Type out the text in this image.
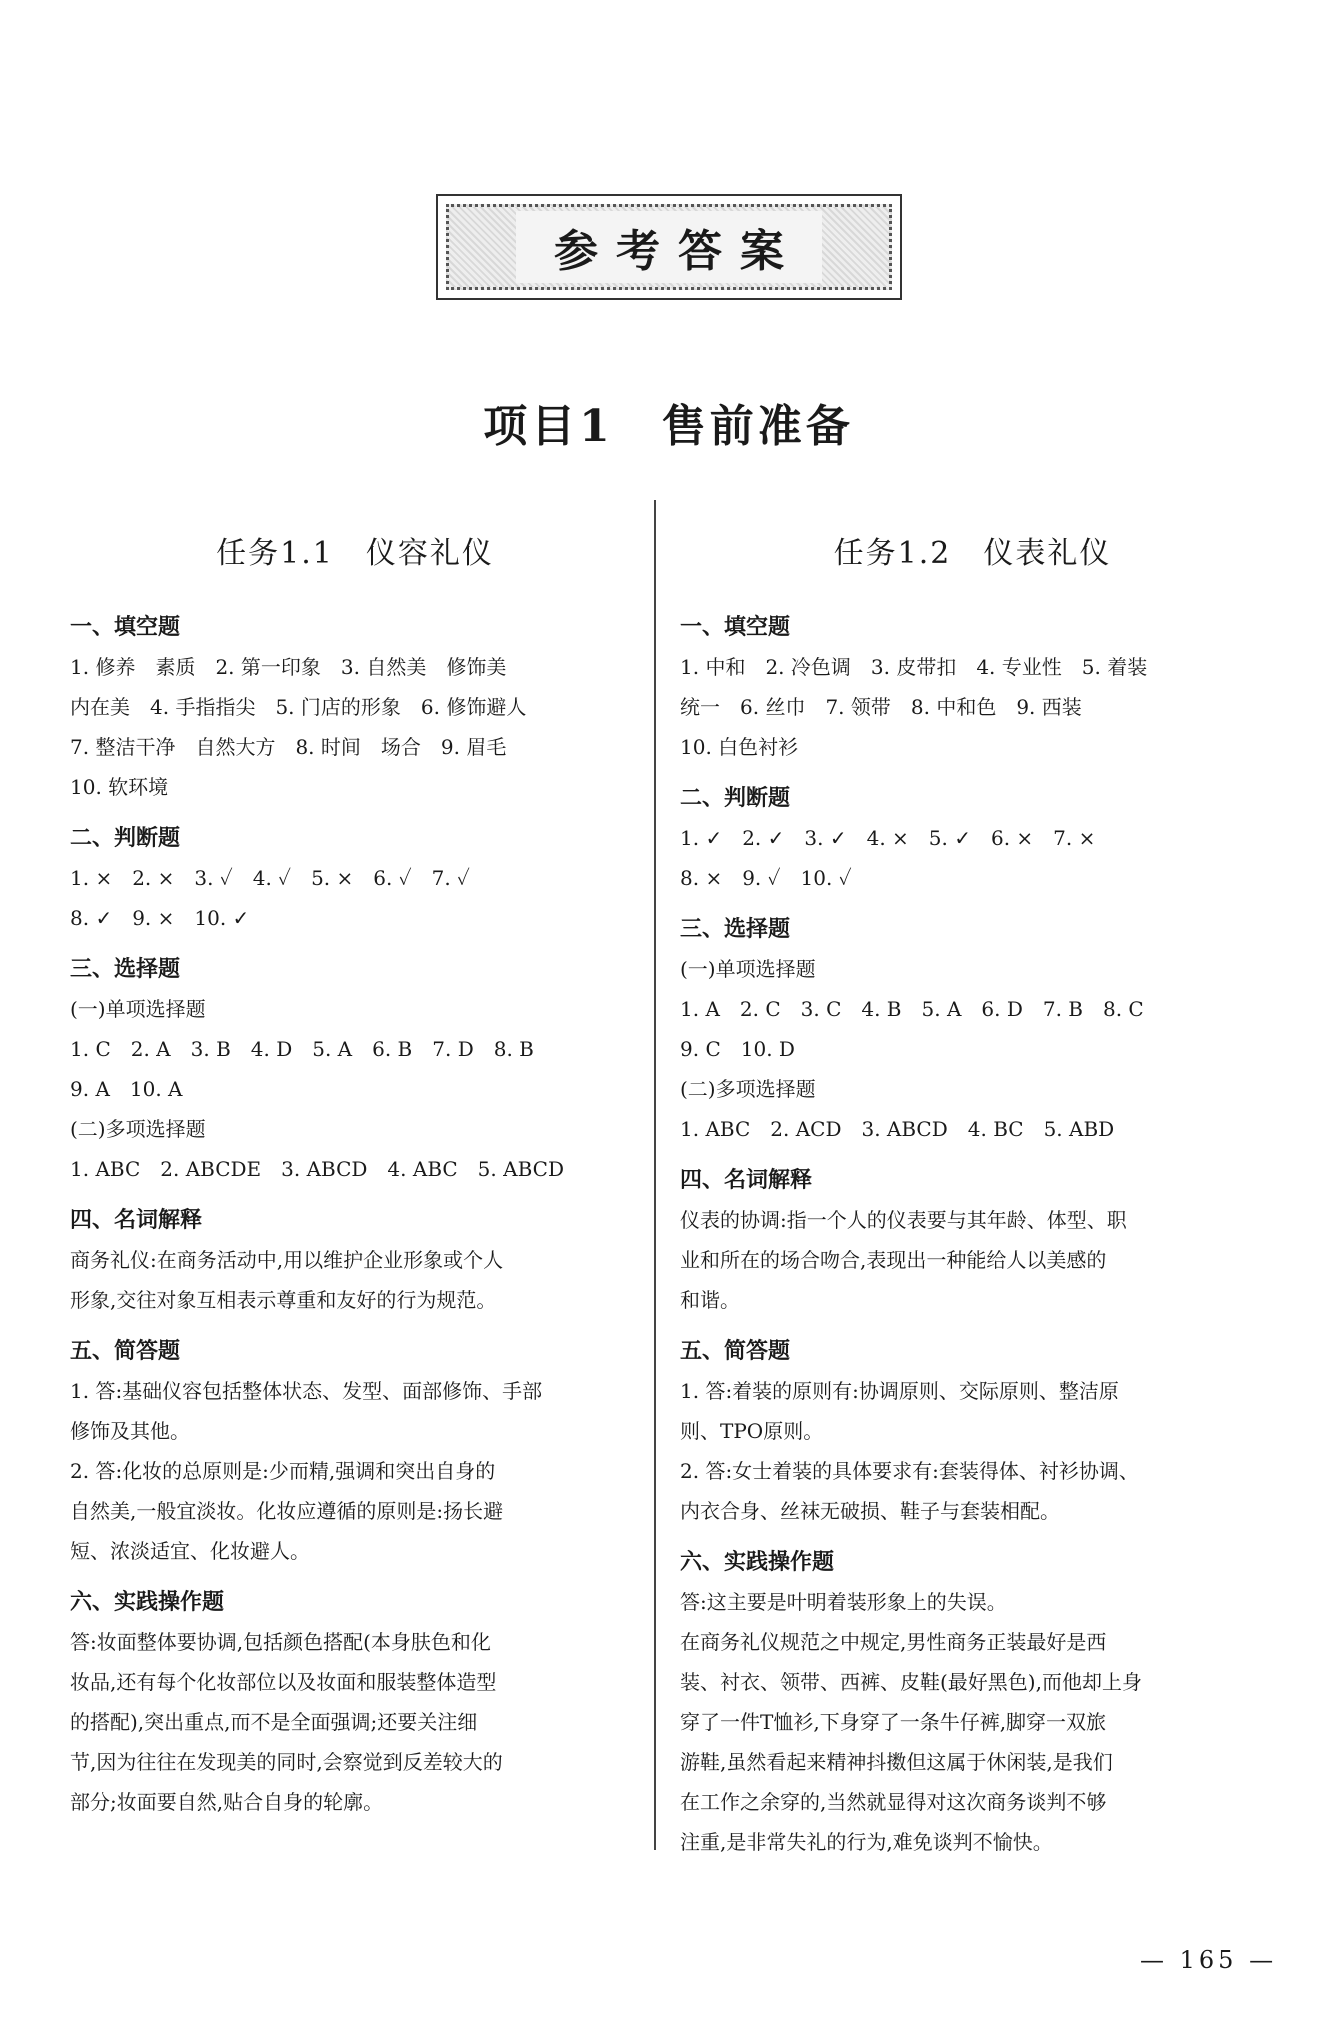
参考答案
项目1　售前准备
任务1.1　仪容礼仪
一、填空题

1. 修养　素质　2. 第一印象　3. 自然美　修饰美

内在美　4. 手指指尖　5. 门店的形象　6. 修饰避人

7. 整洁干净　自然大方　8. 时间　场合　9. 眉毛

10. 软环境

二、判断题

1. ×　2. ×　3. ✓　4. ✓　5. ×　6. ✓　7. ✓

8. ✓　9. ×　10. ✓

三、选择题

(一)单项选择题

1. C　2. A　3. B　4. D　5. A　6. B　7. D　8. B

9. A　10. A

(二)多项选择题

1. ABC　2. ABCDE　3. ABCD　4. ABC　5. ABCD

四、名词解释

商务礼仪:在商务活动中,用以维护企业形象或个人

形象,交往对象互相表示尊重和友好的行为规范。

五、简答题

1. 答:基础仪容包括整体状态、发型、面部修饰、手部

修饰及其他。

2. 答:化妆的总原则是:少而精,强调和突出自身的

自然美,一般宜淡妆。化妆应遵循的原则是:扬长避

短、浓淡适宜、化妆避人。

六、实践操作题

答:妆面整体要协调,包括颜色搭配(本身肤色和化

妆品,还有每个化妆部位以及妆面和服装整体造型

的搭配),突出重点,而不是全面强调;还要关注细

节,因为往往在发现美的同时,会察觉到反差较大的

部分;妆面要自然,贴合自身的轮廓。

任务1.2　仪表礼仪
一、填空题

1. 中和　2. 冷色调　3. 皮带扣　4. 专业性　5. 着装

统一　6. 丝巾　7. 领带　8. 中和色　9. 西装

10. 白色衬衫

二、判断题

1. ✓　2. ✓　3. ✓　4. ×　5. ✓　6. ×　7. ×

8. ×　9. ✓　10. ✓

三、选择题

(一)单项选择题

1. A　2. C　3. C　4. B　5. A　6. D　7. B　8. C

9. C　10. D

(二)多项选择题

1. ABC　2. ACD　3. ABCD　4. BC　5. ABD

四、名词解释

仪表的协调:指一个人的仪表要与其年龄、体型、职

业和所在的场合吻合,表现出一种能给人以美感的

和谐。

五、简答题

1. 答:着装的原则有:协调原则、交际原则、整洁原

则、TPO原则。

2. 答:女士着装的具体要求有:套装得体、衬衫协调、

内衣合身、丝袜无破损、鞋子与套装相配。

六、实践操作题

答:这主要是叶明着装形象上的失误。

在商务礼仪规范之中规定,男性商务正装最好是西

装、衬衣、领带、西裤、皮鞋(最好黑色),而他却上身

穿了一件T恤衫,下身穿了一条牛仔裤,脚穿一双旅

游鞋,虽然看起来精神抖擞但这属于休闲装,是我们

在工作之余穿的,当然就显得对这次商务谈判不够

注重,是非常失礼的行为,难免谈判不愉快。

— 165 —
